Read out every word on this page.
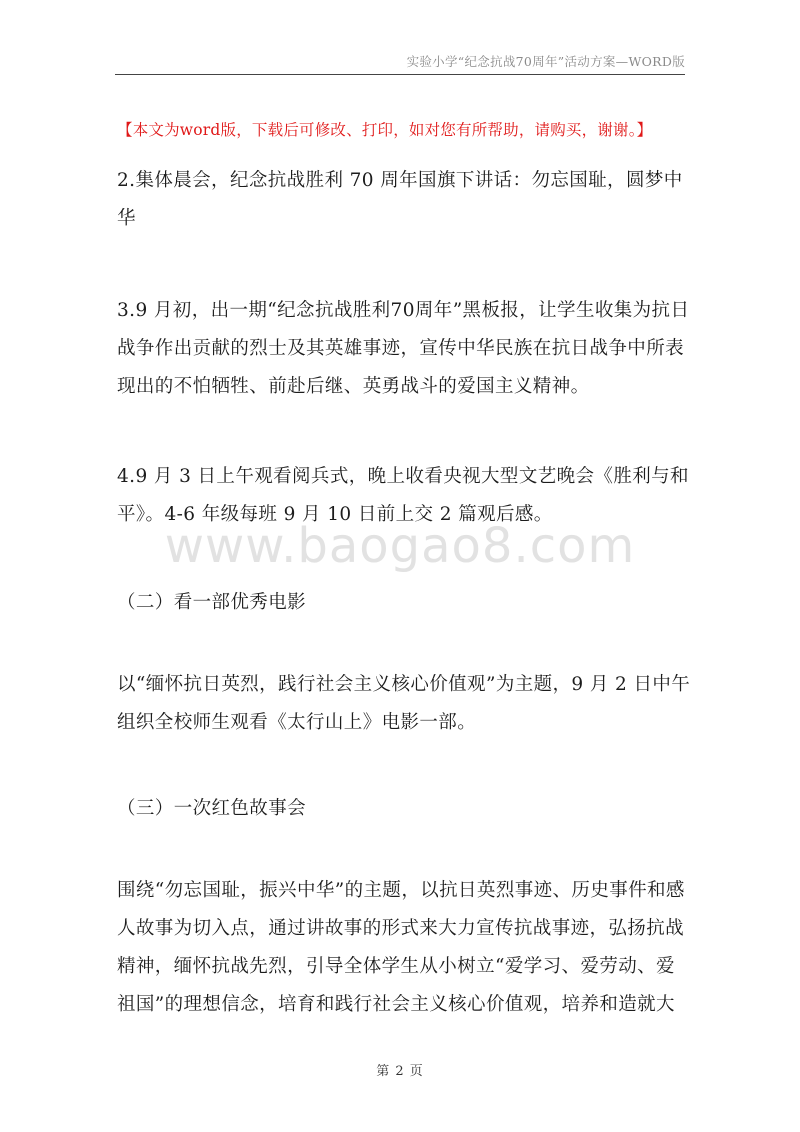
实验小学“纪念抗战70周年”活动方案—WORD版
【本文为word版，下载后可修改、打印，如对您有所帮助，请购买，谢谢。】

2.集体晨会，纪念抗战胜利 70 周年国旗下讲话：勿忘国耻，圆梦中
华

3.9 月初，出一期“纪念抗战胜利70周年”黑板报，让学生收集为抗日
战争作出贡献的烈士及其英雄事迹，宣传中华民族在抗日战争中所表
现出的不怕牺牲、前赴后继、英勇战斗的爱国主义精神。

4.9 月 3 日上午观看阅兵式，晚上收看央视大型文艺晚会《胜利与和
平》。4-6 年级每班 9 月 10 日前上交 2 篇观后感。

（二）看一部优秀电影

以“缅怀抗日英烈，践行社会主义核心价值观”为主题，9 月 2 日中午
组织全校师生观看《太行山上》电影一部。

（三）一次红色故事会

围绕“勿忘国耻，振兴中华”的主题，以抗日英烈事迹、历史事件和感
人故事为切入点，通过讲故事的形式来大力宣传抗战事迹，弘扬抗战
精神，缅怀抗战先烈，引导全体学生从小树立“爱学习、爱劳动、爱
祖国”的理想信念，培育和践行社会主义核心价值观，培养和造就大

www.baogao8.com
第 2 页
